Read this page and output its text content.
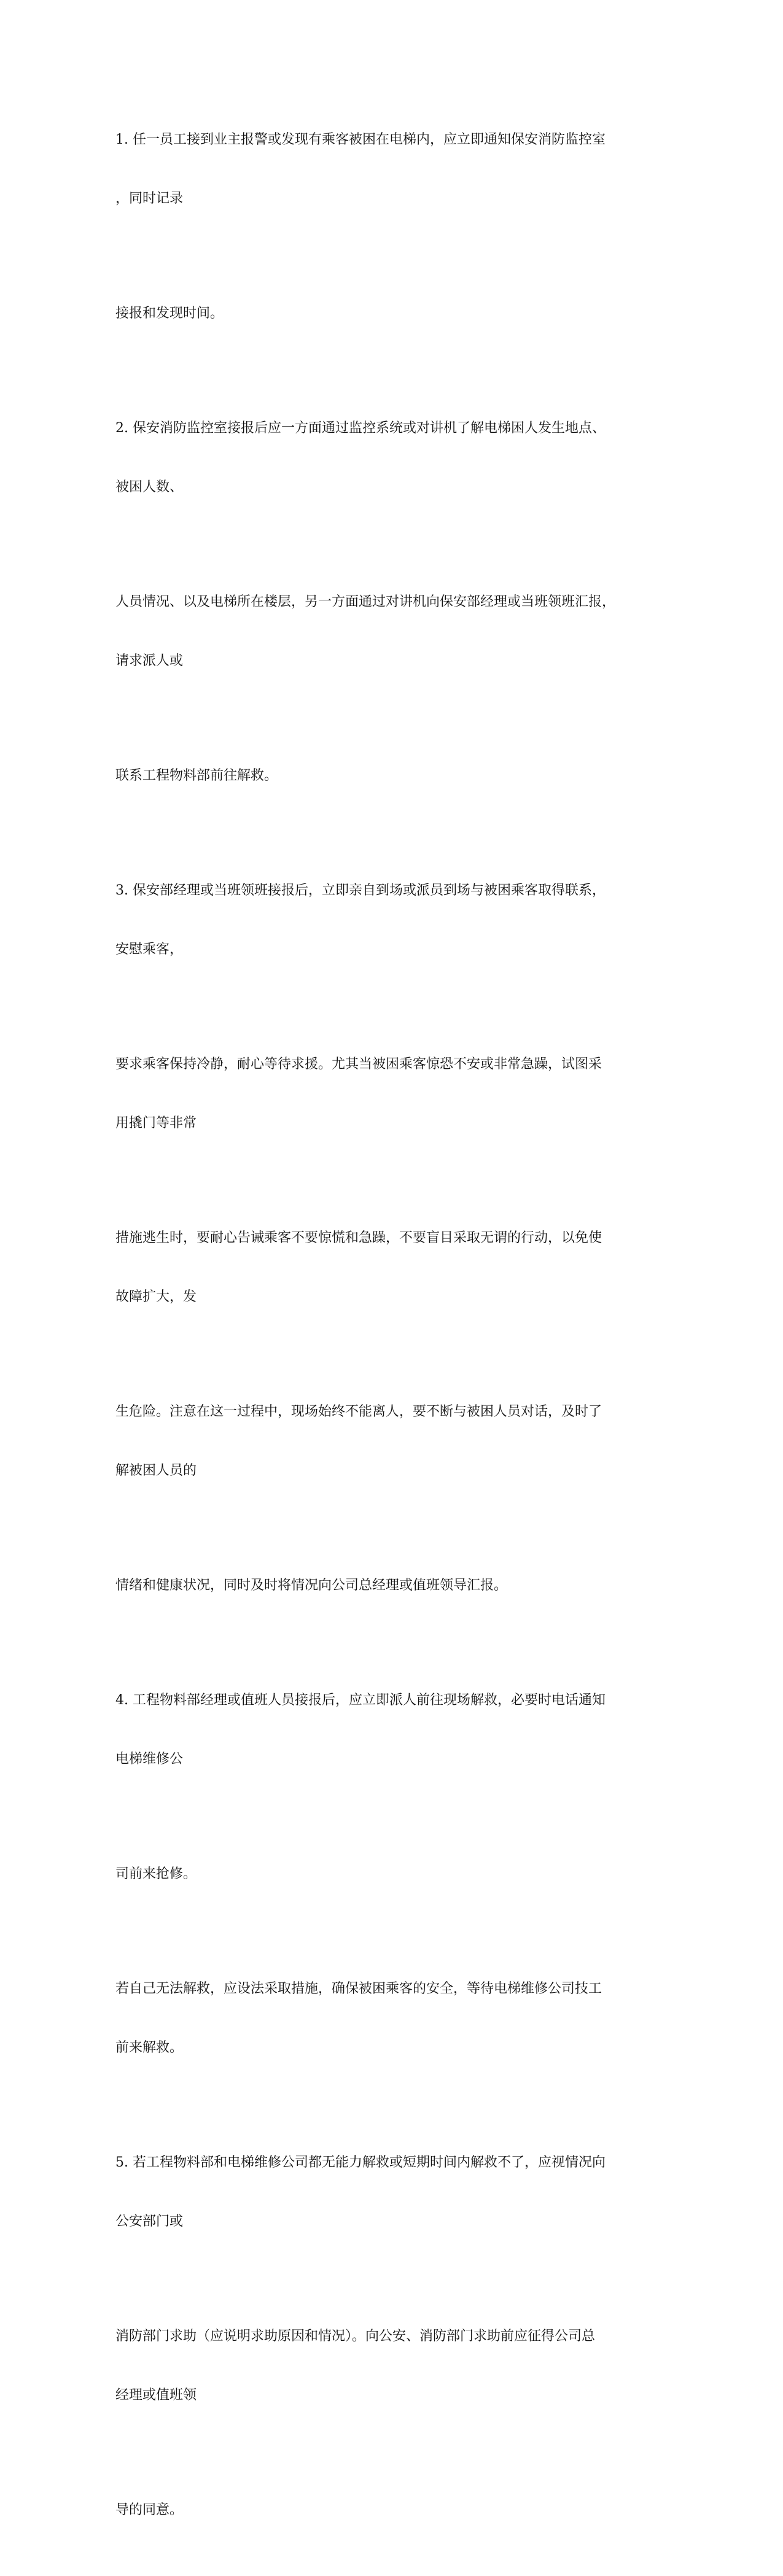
1. 任一员工接到业主报警或发现有乘客被困在电梯内，应立即通知保安消防监控室

，同时记录

接报和发现时间。

2. 保安消防监控室接报后应一方面通过监控系统或对讲机了解电梯困人发生地点、

被困人数、

人员情况、以及电梯所在楼层，另一方面通过对讲机向保安部经理或当班领班汇报，

请求派人或

联系工程物料部前往解救。

3. 保安部经理或当班领班接报后，立即亲自到场或派员到场与被困乘客取得联系，

安慰乘客，

要求乘客保持冷静，耐心等待求援。尤其当被困乘客惊恐不安或非常急躁，试图采

用撬门等非常

措施逃生时，要耐心告诫乘客不要惊慌和急躁，不要盲目采取无谓的行动，以免使

故障扩大，发

生危险。注意在这一过程中，现场始终不能离人，要不断与被困人员对话，及时了

解被困人员的

情绪和健康状况，同时及时将情况向公司总经理或值班领导汇报。

4. 工程物料部经理或值班人员接报后，应立即派人前往现场解救，必要时电话通知

电梯维修公

司前来抢修。

若自己无法解救，应设法采取措施，确保被困乘客的安全，等待电梯维修公司技工

前来解救。

5. 若工程物料部和电梯维修公司都无能力解救或短期时间内解救不了，应视情况向

公安部门或

消防部门求助（应说明求助原因和情况）。向公安、消防部门求助前应征得公司总

经理或值班领

导的同意。
